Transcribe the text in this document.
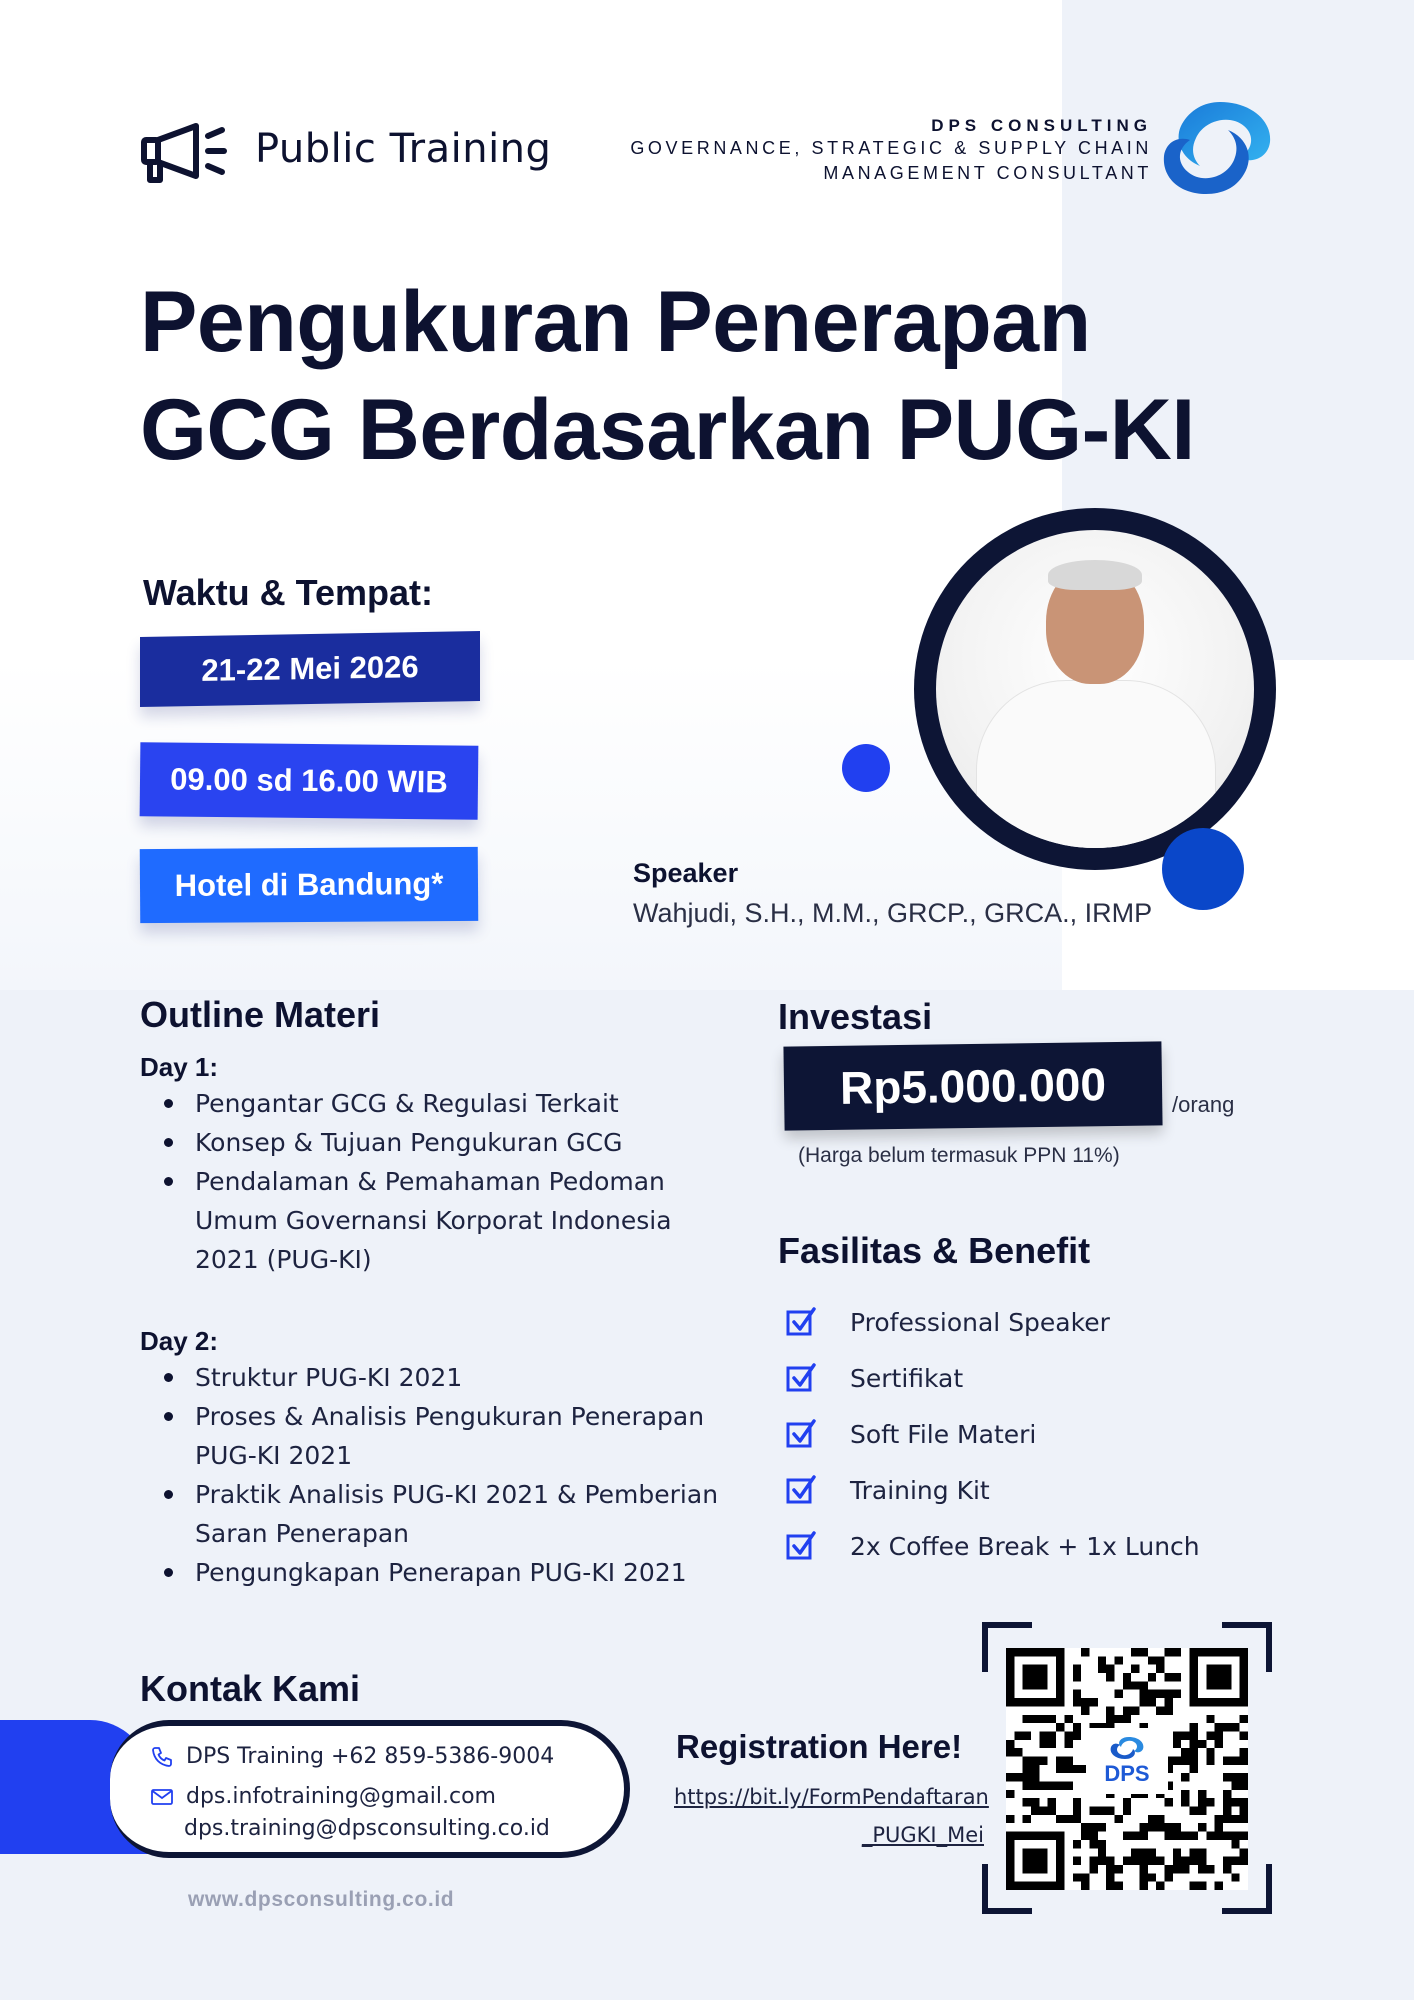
Public Training
DPS CONSULTING
GOVERNANCE, STRATEGIC & SUPPLY CHAIN
MANAGEMENT CONSULTANT
Pengukuran Penerapan
GCG Berdasarkan PUG-KI
Waktu & Tempat:
21-22 Mei 2026
09.00 sd 16.00 WIB
Hotel di Bandung*	Speaker
Wahjudi, S.H., M.M., GRCP., GRCA., IRMP
Outline Materi
Day 1:
Pengantar GCG & Regulasi Terkait
Konsep & Tujuan Pengukuran GCG
Pendalaman & Pemahaman Pedoman Umum Governansi Korporat Indonesia 2021 (PUG-KI)
Day 2:
Struktur PUG-KI 2021
Proses & Analisis Pengukuran Penerapan PUG-KI 2021
Praktik Analisis PUG-KI 2021 & Pemberian Saran Penerapan
Pengungkapan Penerapan PUG-KI 2021
Investasi
Rp5.000.000	/orang
(Harga belum termasuk PPN 11%)
Fasilitas & Benefit
Professional Speaker
Sertifikat
Soft File Materi
Training Kit
2x Coffee Break + 1x Lunch
Kontak Kami
DPS Training +62 859-5386-9004
dps.infotraining@gmail.com
dps.training@dpsconsulting.co.id
www.dpsconsulting.co.id
Registration Here!
https://bit.ly/FormPendaftaran
_PUGKI_Mei
DPS
